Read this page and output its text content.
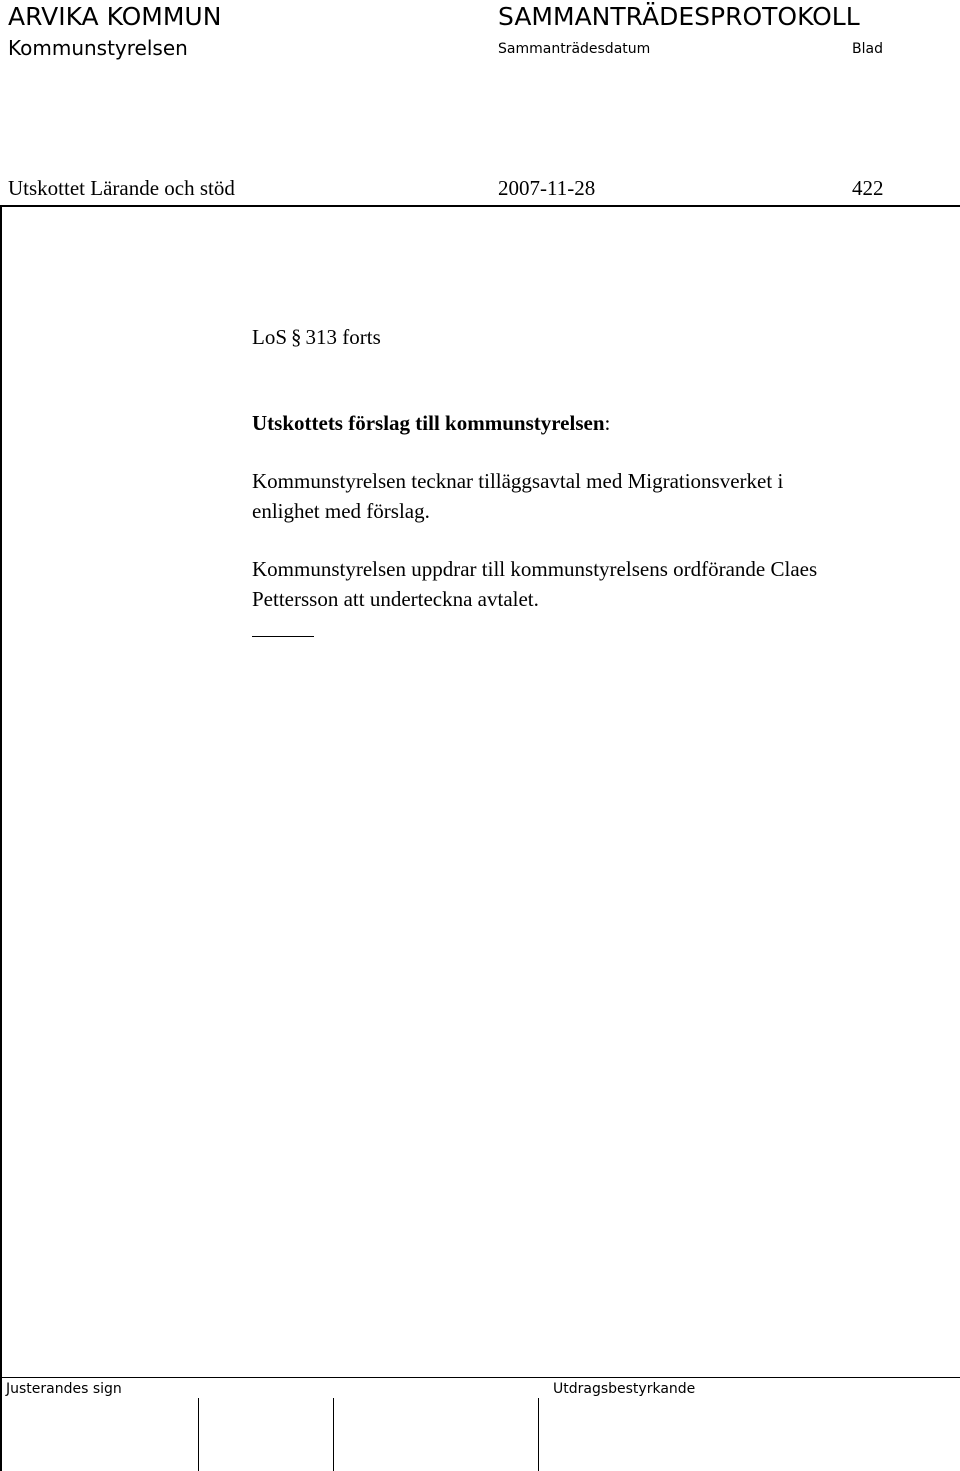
ARVIKA KOMMUN	SAMMANTRÄDESPROTOKOLL
Kommunstyrelsen	Sammanträdesdatum	Blad
Utskottet Lärande och stöd	2007-11-28	422
LoS § 313 forts
Utskottets förslag till kommunstyrelsen:
Kommunstyrelsen tecknar tilläggsavtal med Migrationsverket i
enlighet med förslag.
Kommunstyrelsen uppdrar till kommunstyrelsens ordförande Claes
Pettersson att underteckna avtalet.
Justerandes sign	Utdragsbestyrkande
